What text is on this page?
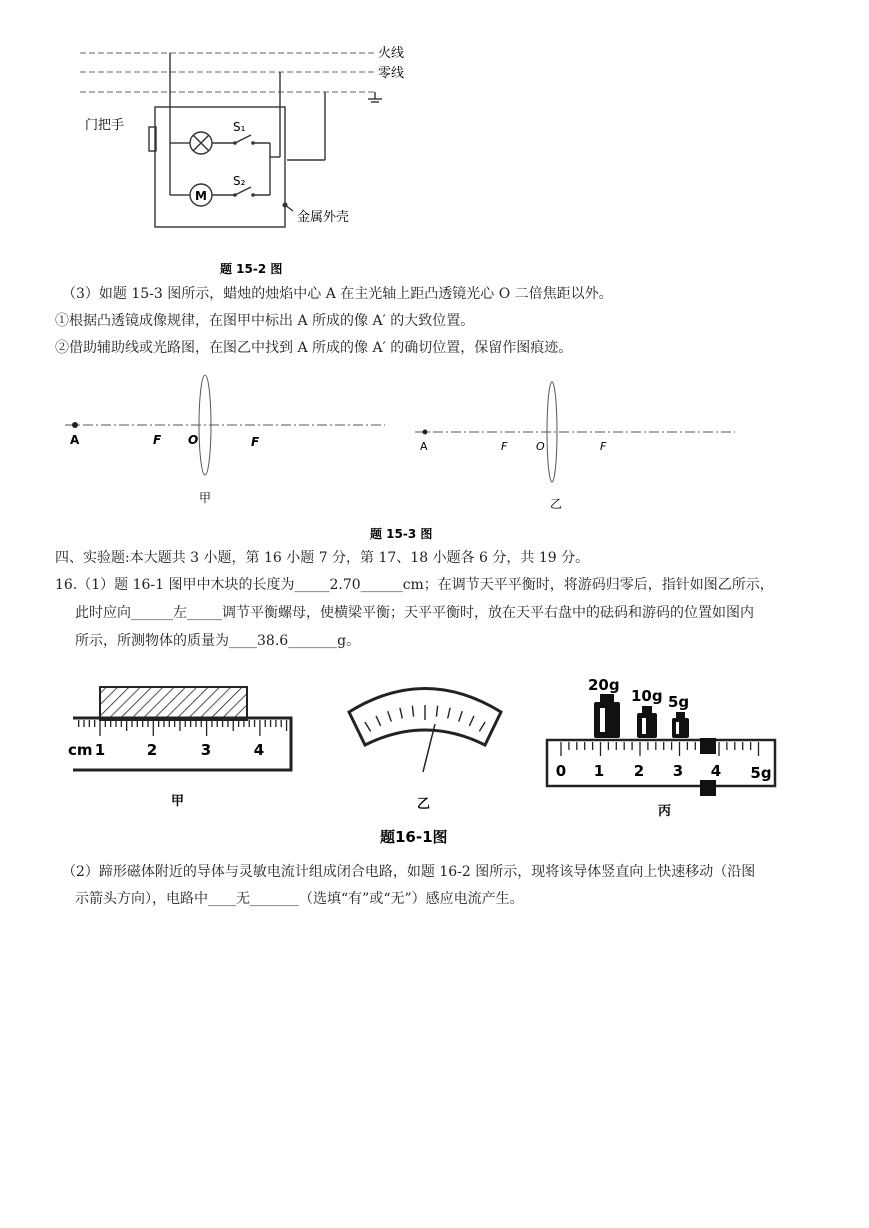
火线
零线
门把手	S₁
S₂
M
金属外壳
题 15-2 图
（3）如题 15-3 图所示，蜡烛的烛焰中心 A 在主光轴上距凸透镜光心 O 二倍焦距以外。
①根据凸透镜成像规律，在图甲中标出 A 所成的像 A′ 的大致位置。
②借助辅助线或光路图，在图乙中找到 A 所成的像 A′ 的确切位置，保留作图痕迹。
A	F O	F	A	F	O	F
甲	乙
题 15-3 图
四、实验题:本大题共 3 小题，第 16 小题 7 分，第 17、18 小题各 6 分，共 19 分。
16.（1）题 16-1 图甲中木块的长度为_____2.70______cm；在调节天平平衡时，将游码归零后，指针如图乙所示，
此时应向______左_____调节平衡螺母，使横梁平衡；天平平衡时，放在天平右盘中的砝码和游码的位置如图内
所示，所测物体的质量为____38.6_______g。
cm 1	2	3	4
甲	乙
20g
10g 5g
0 1 2 3 4 5g
丙
题16-1图
（2）蹄形磁体附近的导体与灵敏电流计组成闭合电路，如题 16-2 图所示，现将该导体竖直向上快速移动（沿图
示箭头方向），电路中____无_______（选填“有”或“无”）感应电流产生。
